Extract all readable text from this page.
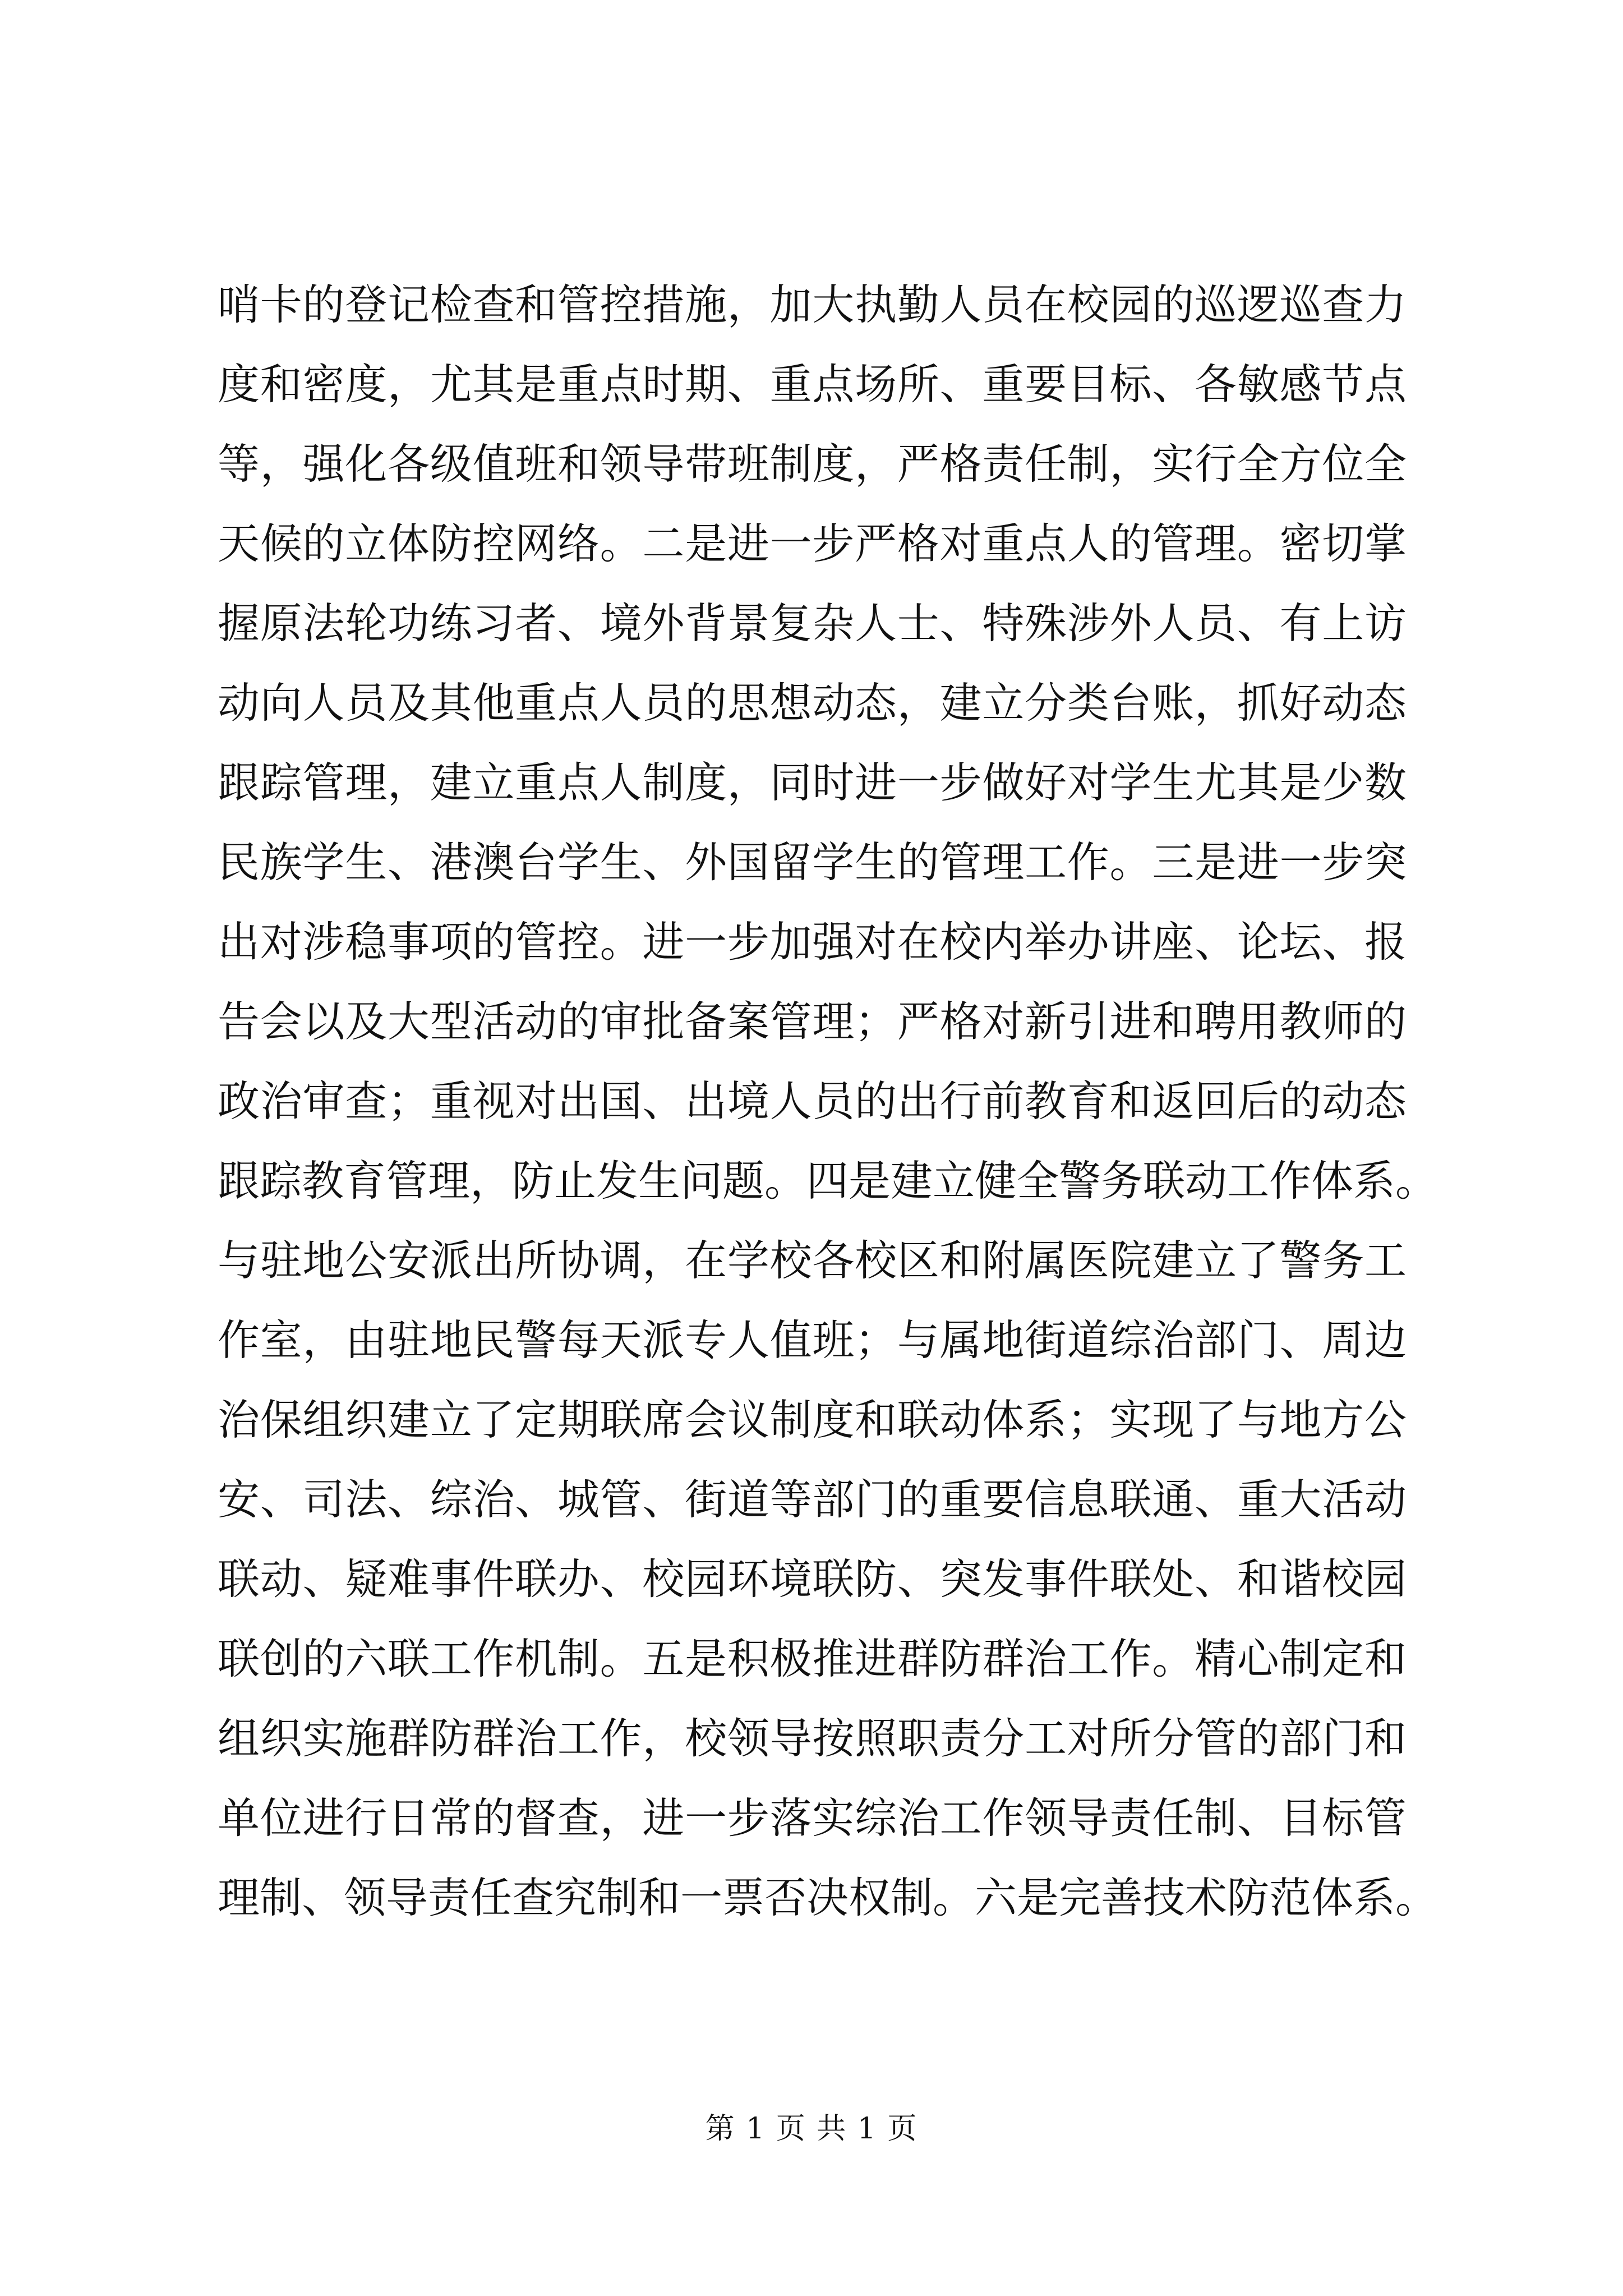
哨卡的登记检查和管控措施，加大执勤人员在校园的巡逻巡查力
度和密度，尤其是重点时期、重点场所、重要目标、各敏感节点
等，强化各级值班和领导带班制度，严格责任制，实行全方位全
天候的立体防控网络。二是进一步严格对重点人的管理。密切掌
握原法轮功练习者、境外背景复杂人士、特殊涉外人员、有上访
动向人员及其他重点人员的思想动态，建立分类台账，抓好动态
跟踪管理，建立重点人制度，同时进一步做好对学生尤其是少数
民族学生、港澳台学生、外国留学生的管理工作。三是进一步突
出对涉稳事项的管控。进一步加强对在校内举办讲座、论坛、报
告会以及大型活动的审批备案管理；严格对新引进和聘用教师的
政治审查；重视对出国、出境人员的出行前教育和返回后的动态
跟踪教育管理，防止发生问题。四是建立健全警务联动工作体系。
与驻地公安派出所协调，在学校各校区和附属医院建立了警务工
作室，由驻地民警每天派专人值班；与属地街道综治部门、周边
治保组织建立了定期联席会议制度和联动体系；实现了与地方公
安、司法、综治、城管、街道等部门的重要信息联通、重大活动
联动、疑难事件联办、校园环境联防、突发事件联处、和谐校园
联创的六联工作机制。五是积极推进群防群治工作。精心制定和
组织实施群防群治工作，校领导按照职责分工对所分管的部门和
单位进行日常的督查，进一步落实综治工作领导责任制、目标管
理制、领导责任查究制和一票否决权制。六是完善技术防范体系。
第 1 页 共 1 页
